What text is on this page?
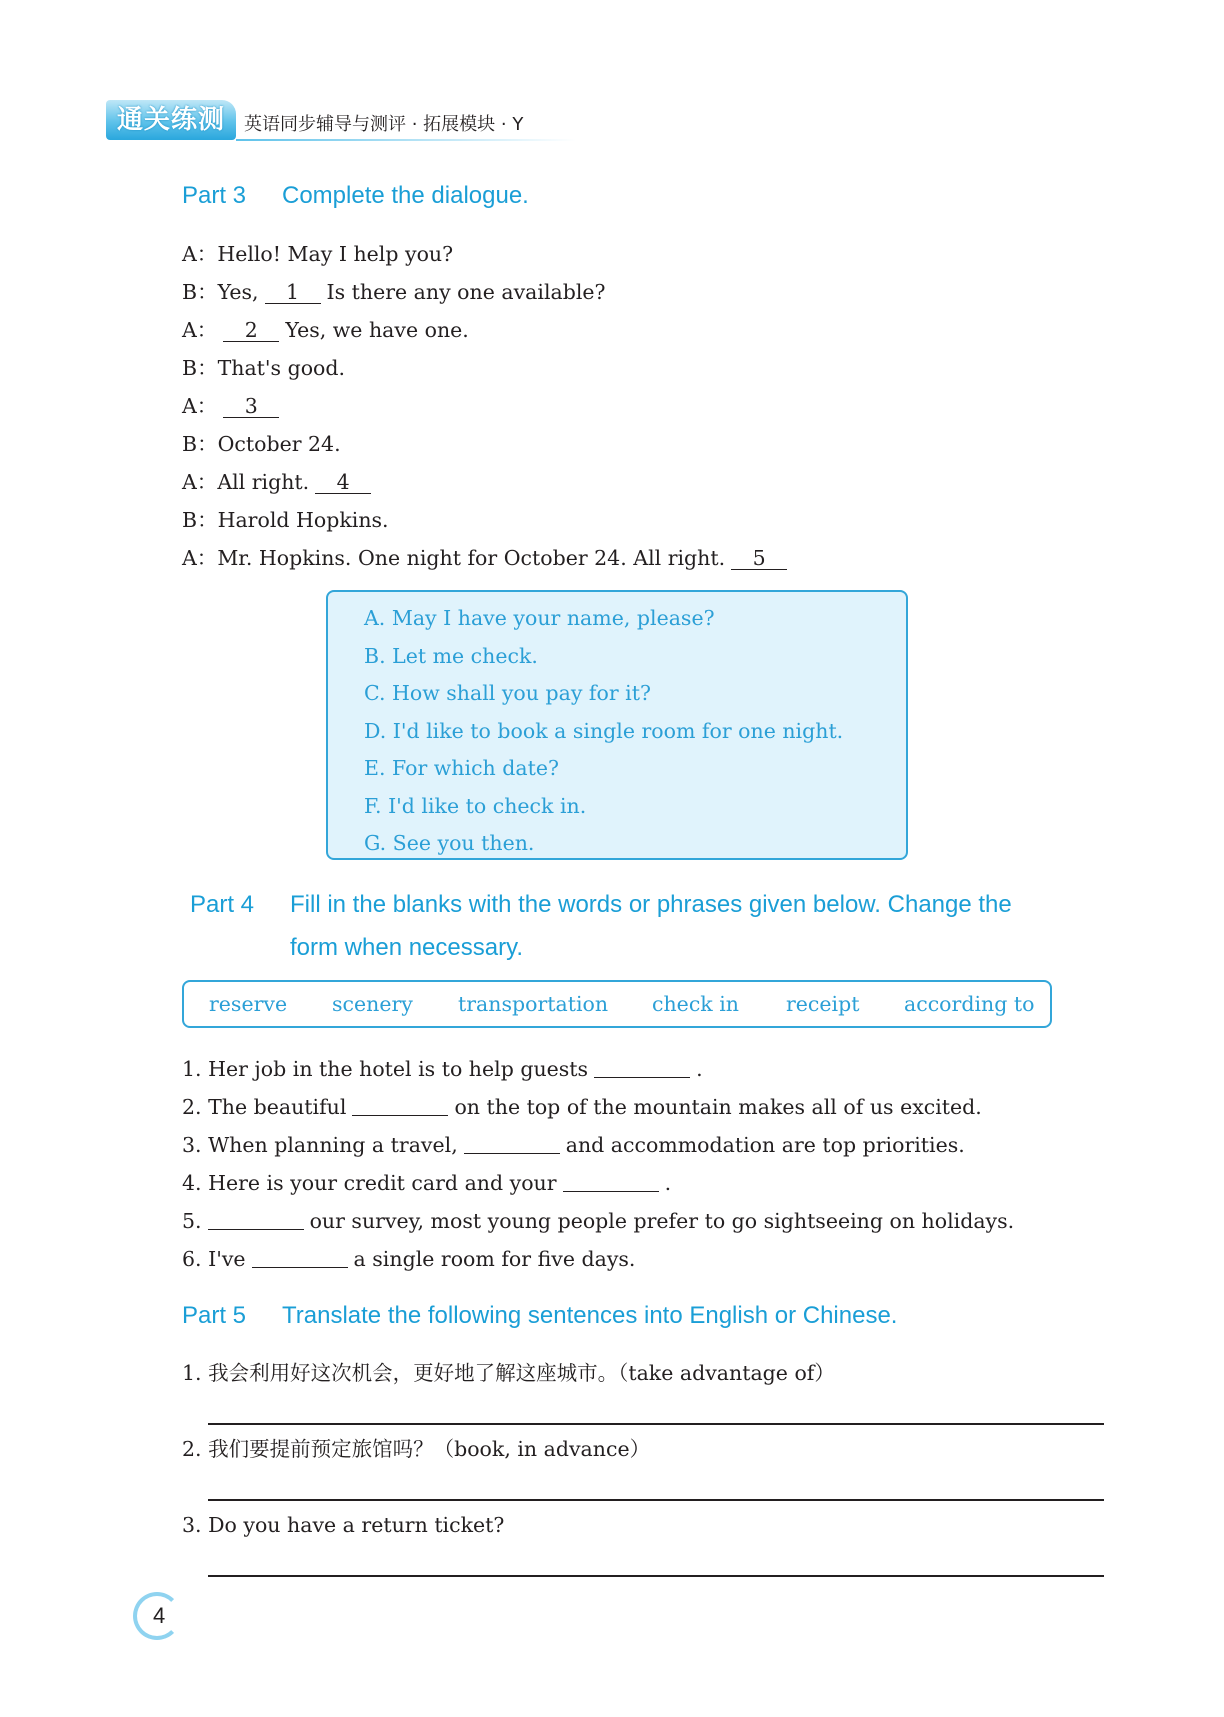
通关练测	英语同步辅导与测评 · 拓展模块 · Y
Part 3 Complete the dialogue.
A：Hello! May I help you?
B：Yes, 1 Is there any one available?
A： 2 Yes, we have one.
B：That's good.
A： 3
B：October 24.
A：All right. 4
B：Harold Hopkins.
A：Mr. Hopkins. One night for October 24. All right. 5
A. May I have your name, please?
B. Let me check.
C. How shall you pay for it?
D. I'd like to book a single room for one night.
E. For which date?
F. I'd like to check in.
G. See you then.
Part 4 Fill in the blanks with the words or phrases given below. Change the
form when necessary.
reserve scenery transportation check in receipt according to
1. Her job in the hotel is to help guests	.
2. The beautiful	on the top of the mountain makes all of us excited.
3. When planning a travel,	and accommodation are top priorities.
4. Here is your credit card and your	.
5.	our survey, most young people prefer to go sightseeing on holidays.
6. I've	a single room for five days.
Part 5 Translate the following sentences into English or Chinese.
1. 我会利用好这次机会，更好地了解这座城市。（take advantage of）
2. 我们要提前预定旅馆吗？（book, in advance）
3. Do you have a return ticket?
4
